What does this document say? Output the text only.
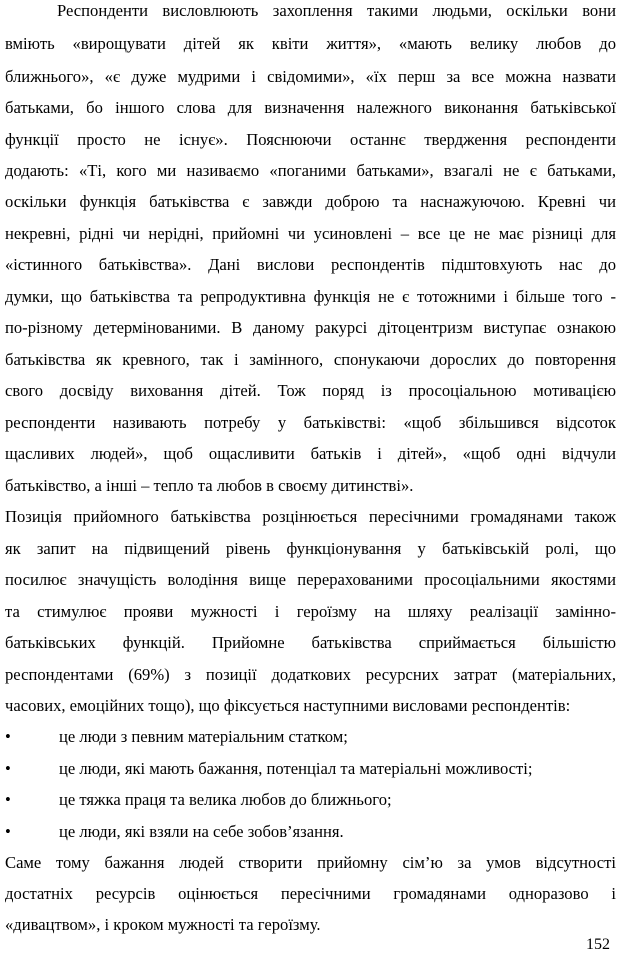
Респонденти висловлюють захоплення такими людьми, оскільки вони
вміють «вирощувати дітей як квіти життя», «мають велику любов до
ближнього», «є дуже мудрими і свідомими», «їх перш за все можна назвати
батьками, бо іншого слова для визначення належного виконання батьківської
функції просто не існує». Пояснюючи останнє твердження респонденти
додають: «Ті, кого ми називаємо «поганими батьками», взагалі не є батьками,
оскільки функція батьківства є завжди доброю та наснажуючою. Кревні чи
некревні, рідні чи нерідні, прийомні чи усиновлені – все це не має різниці для
«істинного батьківства». Дані вислови респондентів підштовхують нас до
думки, що батьківства та репродуктивна функція не є тотожними і більше того -
по-різному детермінованими. В даному ракурсі дітоцентризм виступає ознакою
батьківства як кревного, так і замінного, спонукаючи дорослих до повторення
свого досвіду виховання дітей. Тож поряд із просоціальною мотивацією
респонденти називають потребу у батьківстві: «щоб збільшився відсоток
щасливих людей», щоб ощасливити батьків і дітей», «щоб одні відчули
батьківство, а інші – тепло та любов в своєму дитинстві».
Позиція прийомного батьківства розцінюється пересічними громадянами також
як запит на підвищений рівень функціонування у батьківській ролі, що
посилює значущість володіння вище перерахованими просоціальними якостями
та стимулює прояви мужності і героїзму на шляху реалізації замінно-
батьківських функцій. Прийомне батьківства сприймається більшістю
респондентами (69%) з позиції додаткових ресурсних затрат (матеріальних,
часових, емоційних тощо), що фіксується наступними висловами респондентів:
•	це люди з певним матеріальним статком;
•	це люди, які мають бажання, потенціал та матеріальні можливості;
•	це тяжка праця та велика любов до ближнього;
•	це люди, які взяли на себе зобов’язання.
Саме тому бажання людей створити прийомну сім’ю за умов відсутності
достатніх ресурсів оцінюється пересічними громадянами одноразово і
«дивацтвом», і кроком мужності та героїзму.
152
